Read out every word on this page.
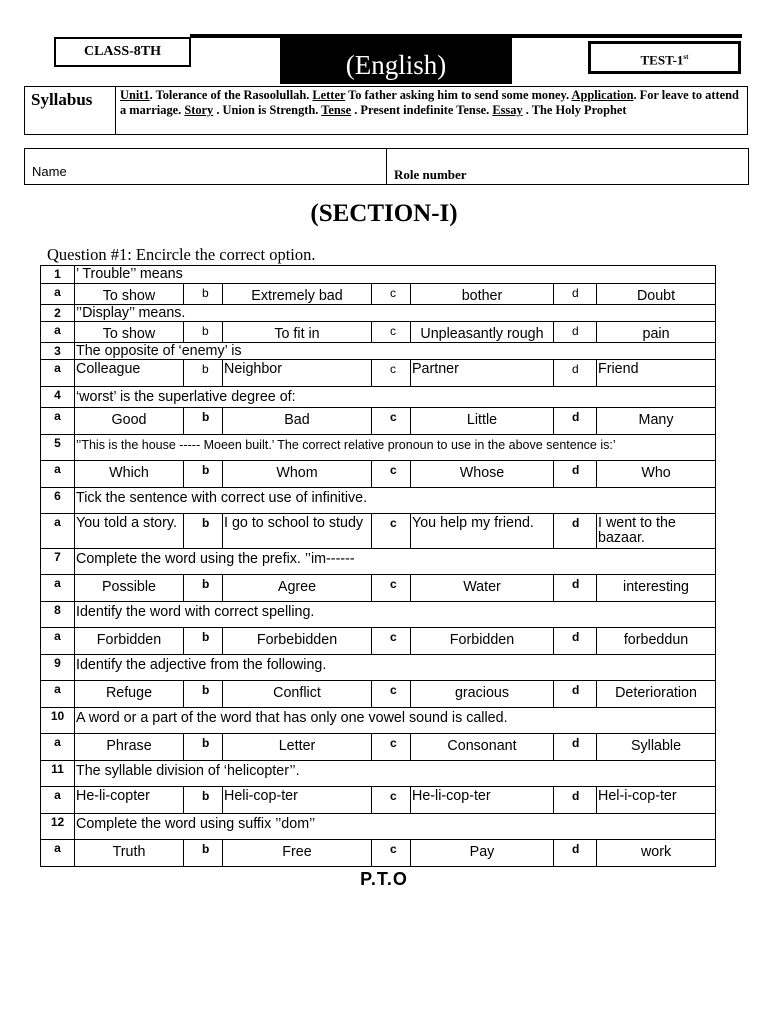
CLASS-8TH	(English)	TEST-1st
Syllabus	Unit1. Tolerance of the Rasoolullah. Letter To father asking him to send some money. Application. For leave to attend a marriage. Story . Union is Strength. Tense . Present indefinite Tense. Essay . The Holy Prophet
Name	Role number
(SECTION-I)
Question #1: Encircle the correct option.
1	’ Trouble’’ means						
a	To show	b	Extremely bad	c	bother	d	Doubt
2	’’Display’’ means.						
a	To show	b	To fit in	c	Unpleasantly rough	d	pain
3	The opposite of ‘enemy’ is						
a	Colleague	b	Neighbor	c	Partner	d	Friend
4	‘worst’ is the superlative degree of:						
a	Good	b	Bad	c	Little	d	Many
5	’’This is the house ----- Moeen built.’ The correct relative pronoun to use in the above sentence is:’						
a	Which	b	Whom	c	Whose	d	Who
6	Tick the sentence with correct use of infinitive.						
a	You told a story.	b	I go to school to study	c	You help my friend.	d	I went to the bazaar.
7	Complete the word using the prefix. ’’im------						
a	Possible	b	Agree	c	Water	d	interesting
8	Identify the word with correct spelling.						
a	Forbidden	b	Forbebidden	c	Forbidden	d	forbeddun
9	Identify the adjective from the following.						
a	Refuge	b	Conflict	c	gracious	d	Deterioration
10	A word or a part of the word that has only one vowel sound is called.						
a	Phrase	b	Letter	c	Consonant	d	Syllable
11	The syllable division of ‘helicopter’’.						
a	He-li-copter	b	Heli-cop-ter	c	He-li-cop-ter	d	Hel-i-cop-ter
12	Complete the word using suffix ’’dom’’						
a	Truth	b	Free	c	Pay	d	work
P.T.O
